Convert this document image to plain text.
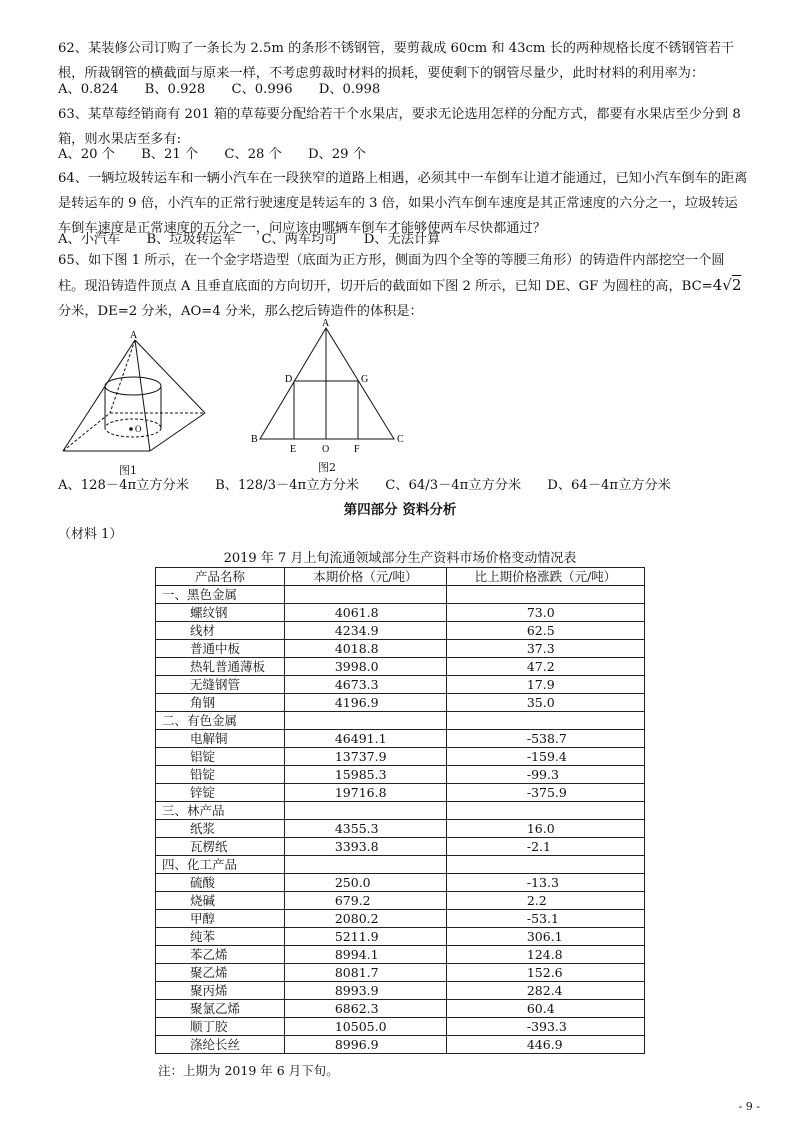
62、某装修公司订购了一条长为 2.5m 的条形不锈钢管，要剪裁成 60cm 和 43cm 长的两种规格长度不锈钢管若干根，所裁钢管的横截面与原来一样，不考虑剪裁时材料的损耗，要使剩下的钢管尽量少，此时材料的利用率为：
A、0.824 B、0.928 C、0.996 D、0.998
63、某草莓经销商有 201 箱的草莓要分配给若干个水果店，要求无论选用怎样的分配方式，都要有水果店至少分到 8 箱，则水果店至多有:
A、20 个 B、21 个 C、28 个 D、29 个
64、一辆垃圾转运车和一辆小汽车在一段狭窄的道路上相遇，必须其中一车倒车让道才能通过，已知小汽车倒车的距离是转运车的 9 倍，小汽车的正常行驶速度是转运车的 3 倍，如果小汽车倒车速度是其正常速度的六分之一，垃圾转运车倒车速度是正常速度的五分之一，问应该由哪辆车倒车才能够使两车尽快都通过？
A、小汽车 B、垃圾转运车 C、两车均可 D、无法计算
65、如下图 1 所示，在一个金字塔造型（底面为正方形，侧面为四个全等的等腰三角形）的铸造件内部挖空一个圆柱。现沿铸造件顶点 A 且垂直底面的方向切开，切开后的截面如下图 2 所示，已知 DE、GF 为圆柱的高，BC=4√2分米，DE=2 分米，AO=4 分米，那么挖后铸造件的体积是：
A
O
图1
A
D	G
B	C
E	O F
图2
A、128－4π立方分米 B、128/3－4π立方分米 C、64/3－4π立方分米 D、64－4π立方分米
第四部分 资料分析
（材料 1）
2019 年 7 月上旬流通领域部分生产资料市场价格变动情况表
产品名称	本期价格（元/吨）	比上期价格涨跌（元/吨）
一、黑色金属		
螺纹钢	4061.8	73.0
线材	4234.9	62.5
普通中板	4018.8	37.3
热轧普通薄板	3998.0	47.2
无缝钢管	4673.3	17.9
角钢	4196.9	35.0
二、有色金属		
电解铜	46491.1	-538.7
铝锭	13737.9	-159.4
铅锭	15985.3	-99.3
锌锭	19716.8	-375.9
三、林产品		
纸浆	4355.3	16.0
瓦楞纸	3393.8	-2.1
四、化工产品		
硫酸	250.0	-13.3
烧碱	679.2	2.2
甲醇	2080.2	-53.1
纯苯	5211.9	306.1
苯乙烯	8994.1	124.8
聚乙烯	8081.7	152.6
聚丙烯	8993.9	282.4
聚氯乙烯	6862.3	60.4
顺丁胶	10505.0	-393.3
涤纶长丝	8996.9	446.9
注：上期为 2019 年 6 月下旬。
- 9 -
